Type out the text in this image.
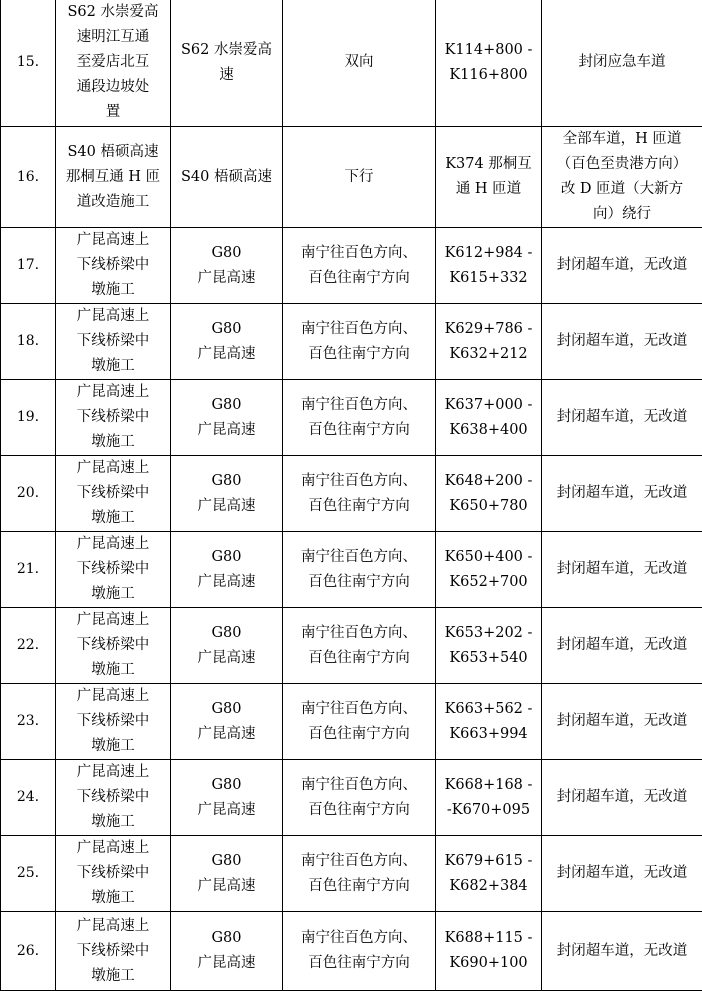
15.	S62 水崇爱高
速明江互通
至爱店北互
通段边坡处
置	S62 水崇爱高
速	双向	K114+800 -
K116+800	封闭应急车道

16.	S40 梧硕高速
那桐互通 H 匝
道改造施工	S40 梧硕高速	下行	K374 那桐互
通 H 匝道	全部车道，H 匝道
（百色至贵港方向）
改 D 匝道（大新方
向）绕行

17.	广昆高速上
下线桥梁中
墩施工	G80
广昆高速	南宁往百色方向、
百色往南宁方向	K612+984 -
K615+332	封闭超车道，无改道

18.	广昆高速上
下线桥梁中
墩施工	G80
广昆高速	南宁往百色方向、
百色往南宁方向	K629+786 -
K632+212	封闭超车道，无改道

19.	广昆高速上
下线桥梁中
墩施工	G80
广昆高速	南宁往百色方向、
百色往南宁方向	K637+000 -
K638+400	封闭超车道，无改道

20.	广昆高速上
下线桥梁中
墩施工	G80
广昆高速	南宁往百色方向、
百色往南宁方向	K648+200 -
K650+780	封闭超车道，无改道

21.	广昆高速上
下线桥梁中
墩施工	G80
广昆高速	南宁往百色方向、
百色往南宁方向	K650+400 -
K652+700	封闭超车道，无改道

22.	广昆高速上
下线桥梁中
墩施工	G80
广昆高速	南宁往百色方向、
百色往南宁方向	K653+202 -
K653+540	封闭超车道，无改道

23.	广昆高速上
下线桥梁中
墩施工	G80
广昆高速	南宁往百色方向、
百色往南宁方向	K663+562 -
K663+994	封闭超车道，无改道

24.	广昆高速上
下线桥梁中
墩施工	G80
广昆高速	南宁往百色方向、
百色往南宁方向	K668+168 -
-K670+095	封闭超车道，无改道

25.	广昆高速上
下线桥梁中
墩施工	G80
广昆高速	南宁往百色方向、
百色往南宁方向	K679+615 -
K682+384	封闭超车道，无改道

26.	广昆高速上
下线桥梁中
墩施工	G80
广昆高速	南宁往百色方向、
百色往南宁方向	K688+115 -
K690+100	封闭超车道，无改道
